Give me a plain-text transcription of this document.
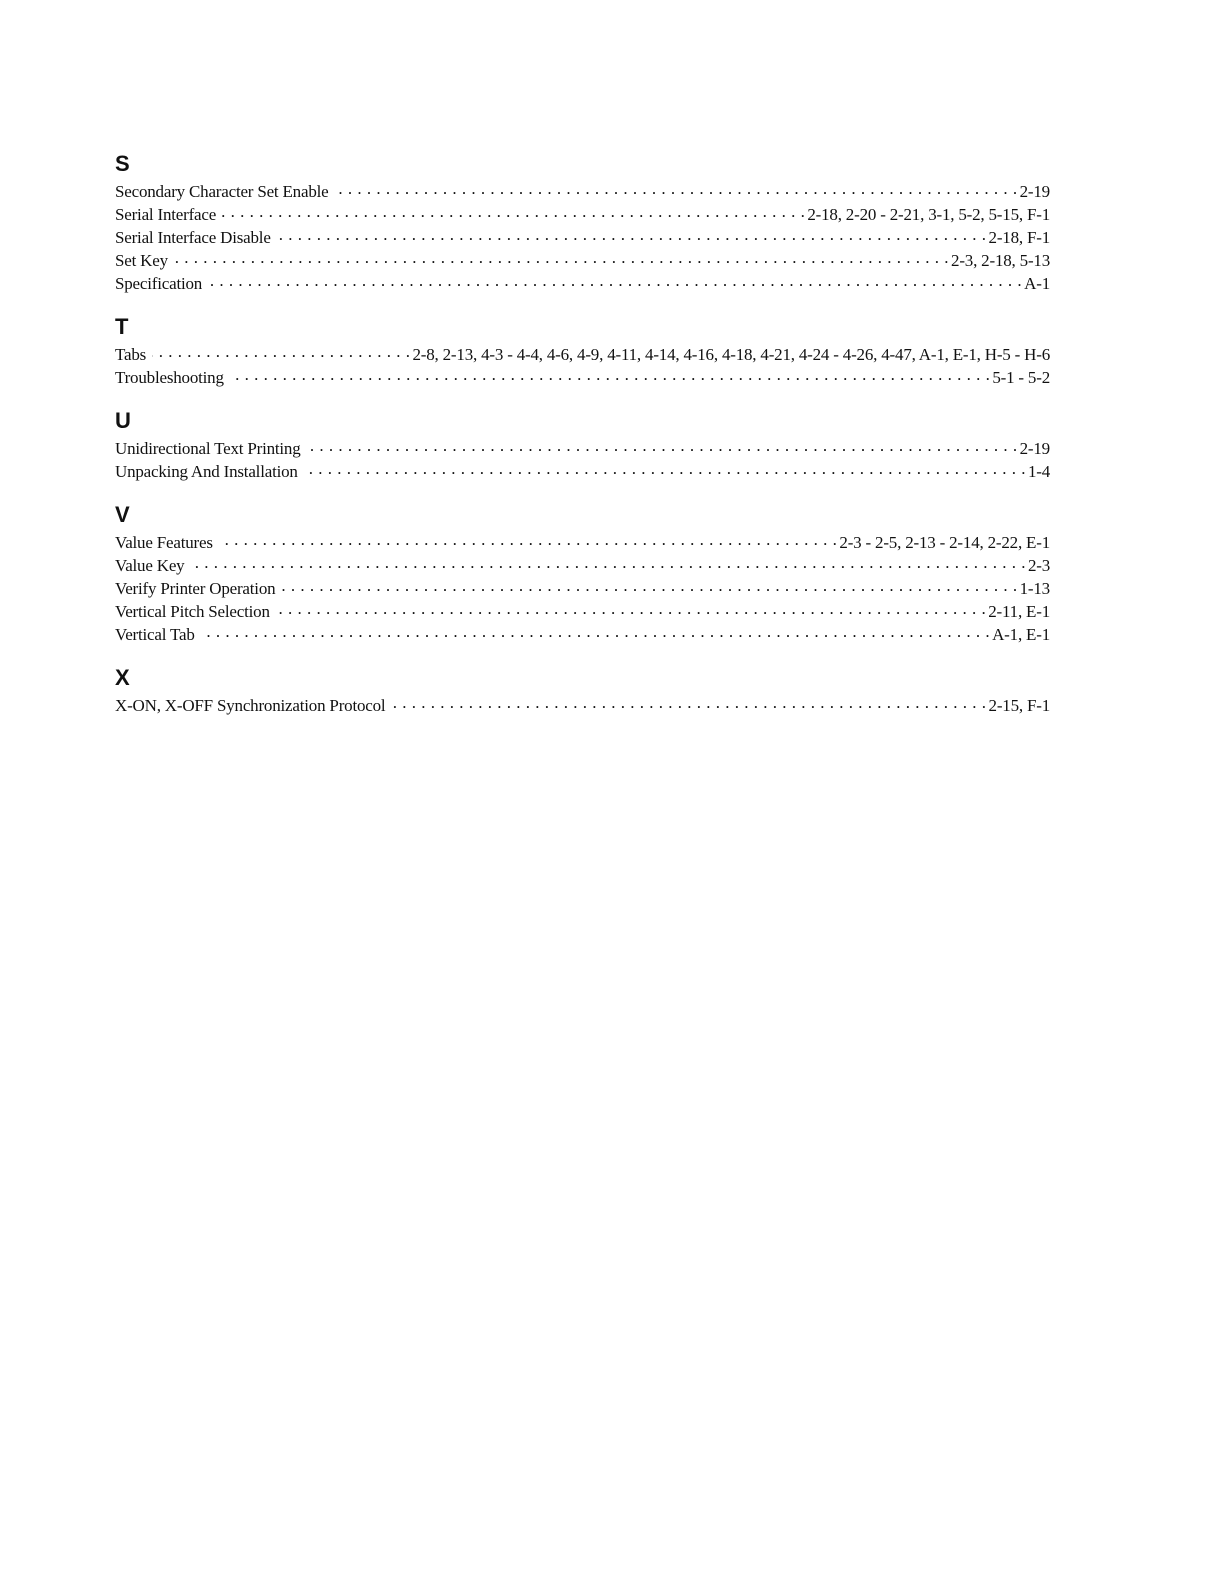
S
Secondary Character Set Enable . . .	2-19
Serial Interface . . .	2-18, 2-20 - 2-21, 3-1, 5-2, 5-15, F-1
Serial Interface Disable . . .	2-18, F-1
Set Key . . .	2-3, 2-18, 5-13
Specification . . .	A-1
T
Tabs . . .	2-8, 2-13, 4-3 - 4-4, 4-6, 4-9, 4-11, 4-14, 4-16, 4-18, 4-21, 4-24 - 4-26, 4-47, A-1, E-1, H-5 - H-6
Troubleshooting . . .	5-1 - 5-2
U
Unidirectional Text Printing . . .	2-19
Unpacking And Installation . . .	1-4
V
Value Features . . .	2-3 - 2-5, 2-13 - 2-14, 2-22, E-1
Value Key . . .	2-3
Verify Printer Operation . . .	1-13
Vertical Pitch Selection . . .	2-11, E-1
Vertical Tab . . .	A-1, E-1
X
X-ON, X-OFF Synchronization Protocol . . .	2-15, F-1
